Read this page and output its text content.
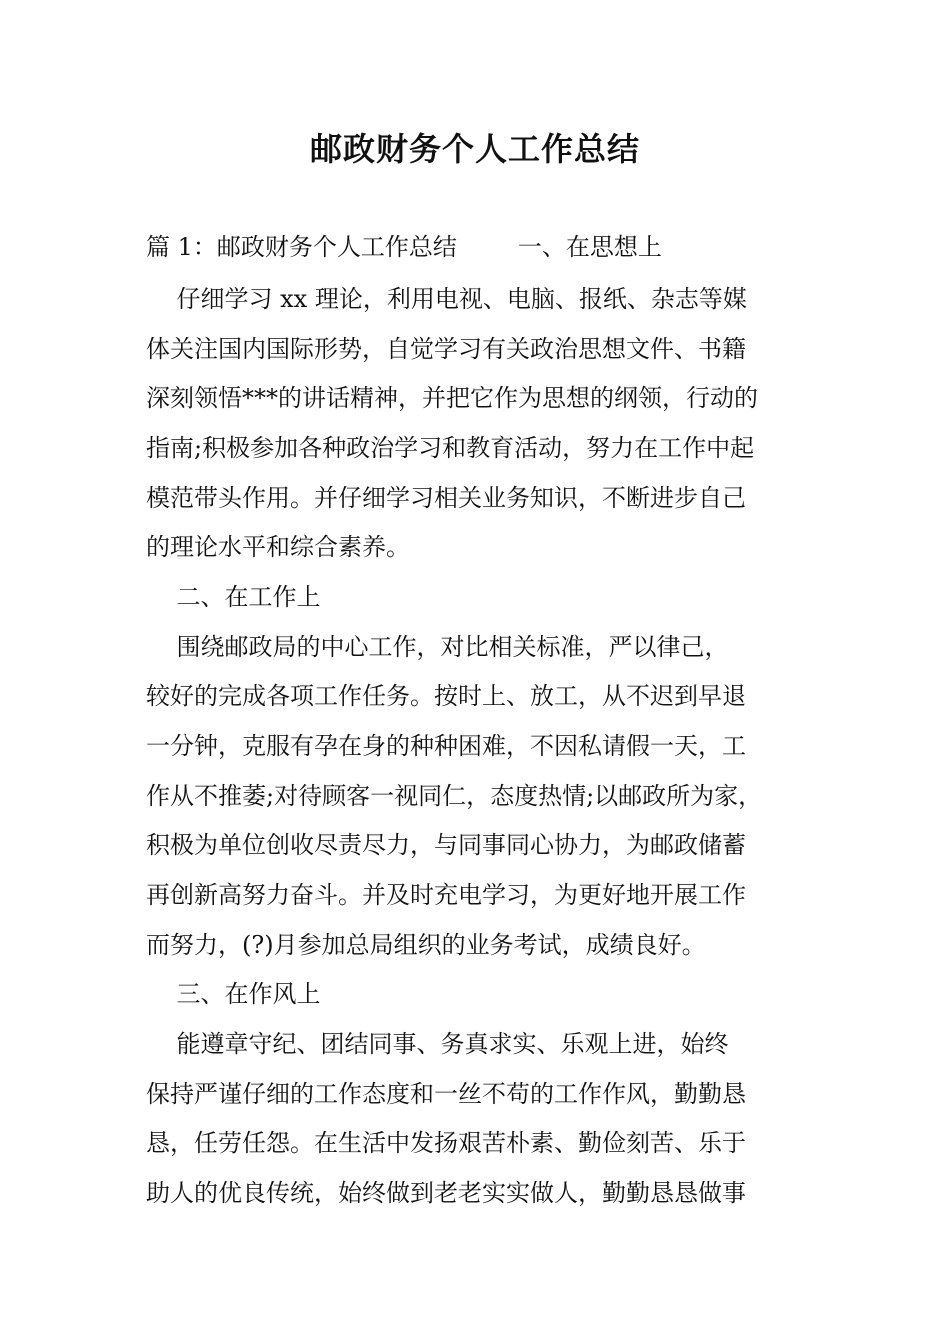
邮政财务个人工作总结
篇 1：邮政财务个人工作总结        一、在思想上
仔细学习 xx 理论，利用电视、电脑、报纸、杂志等媒
体关注国内国际形势，自觉学习有关政治思想文件、书籍
深刻领悟***的讲话精神，并把它作为思想的纲领，行动的
指南;积极参加各种政治学习和教育活动，努力在工作中起
模范带头作用。并仔细学习相关业务知识，不断进步自己
的理论水平和综合素养。
二、在工作上
围绕邮政局的中心工作，对比相关标准，严以律己，
较好的完成各项工作任务。按时上、放工，从不迟到早退
一分钟，克服有孕在身的种种困难，不因私请假一天，工
作从不推萎;对待顾客一视同仁，态度热情;以邮政所为家，
积极为单位创收尽责尽力，与同事同心协力，为邮政储蓄
再创新高努力奋斗。并及时充电学习，为更好地开展工作
而努力，(?)月参加总局组织的业务考试，成绩良好。
三、在作风上
能遵章守纪、团结同事、务真求实、乐观上进，始终
保持严谨仔细的工作态度和一丝不苟的工作作风，勤勤恳
恳，任劳任怨。在生活中发扬艰苦朴素、勤俭刻苦、乐于
助人的优良传统，始终做到老老实实做人，勤勤恳恳做事
